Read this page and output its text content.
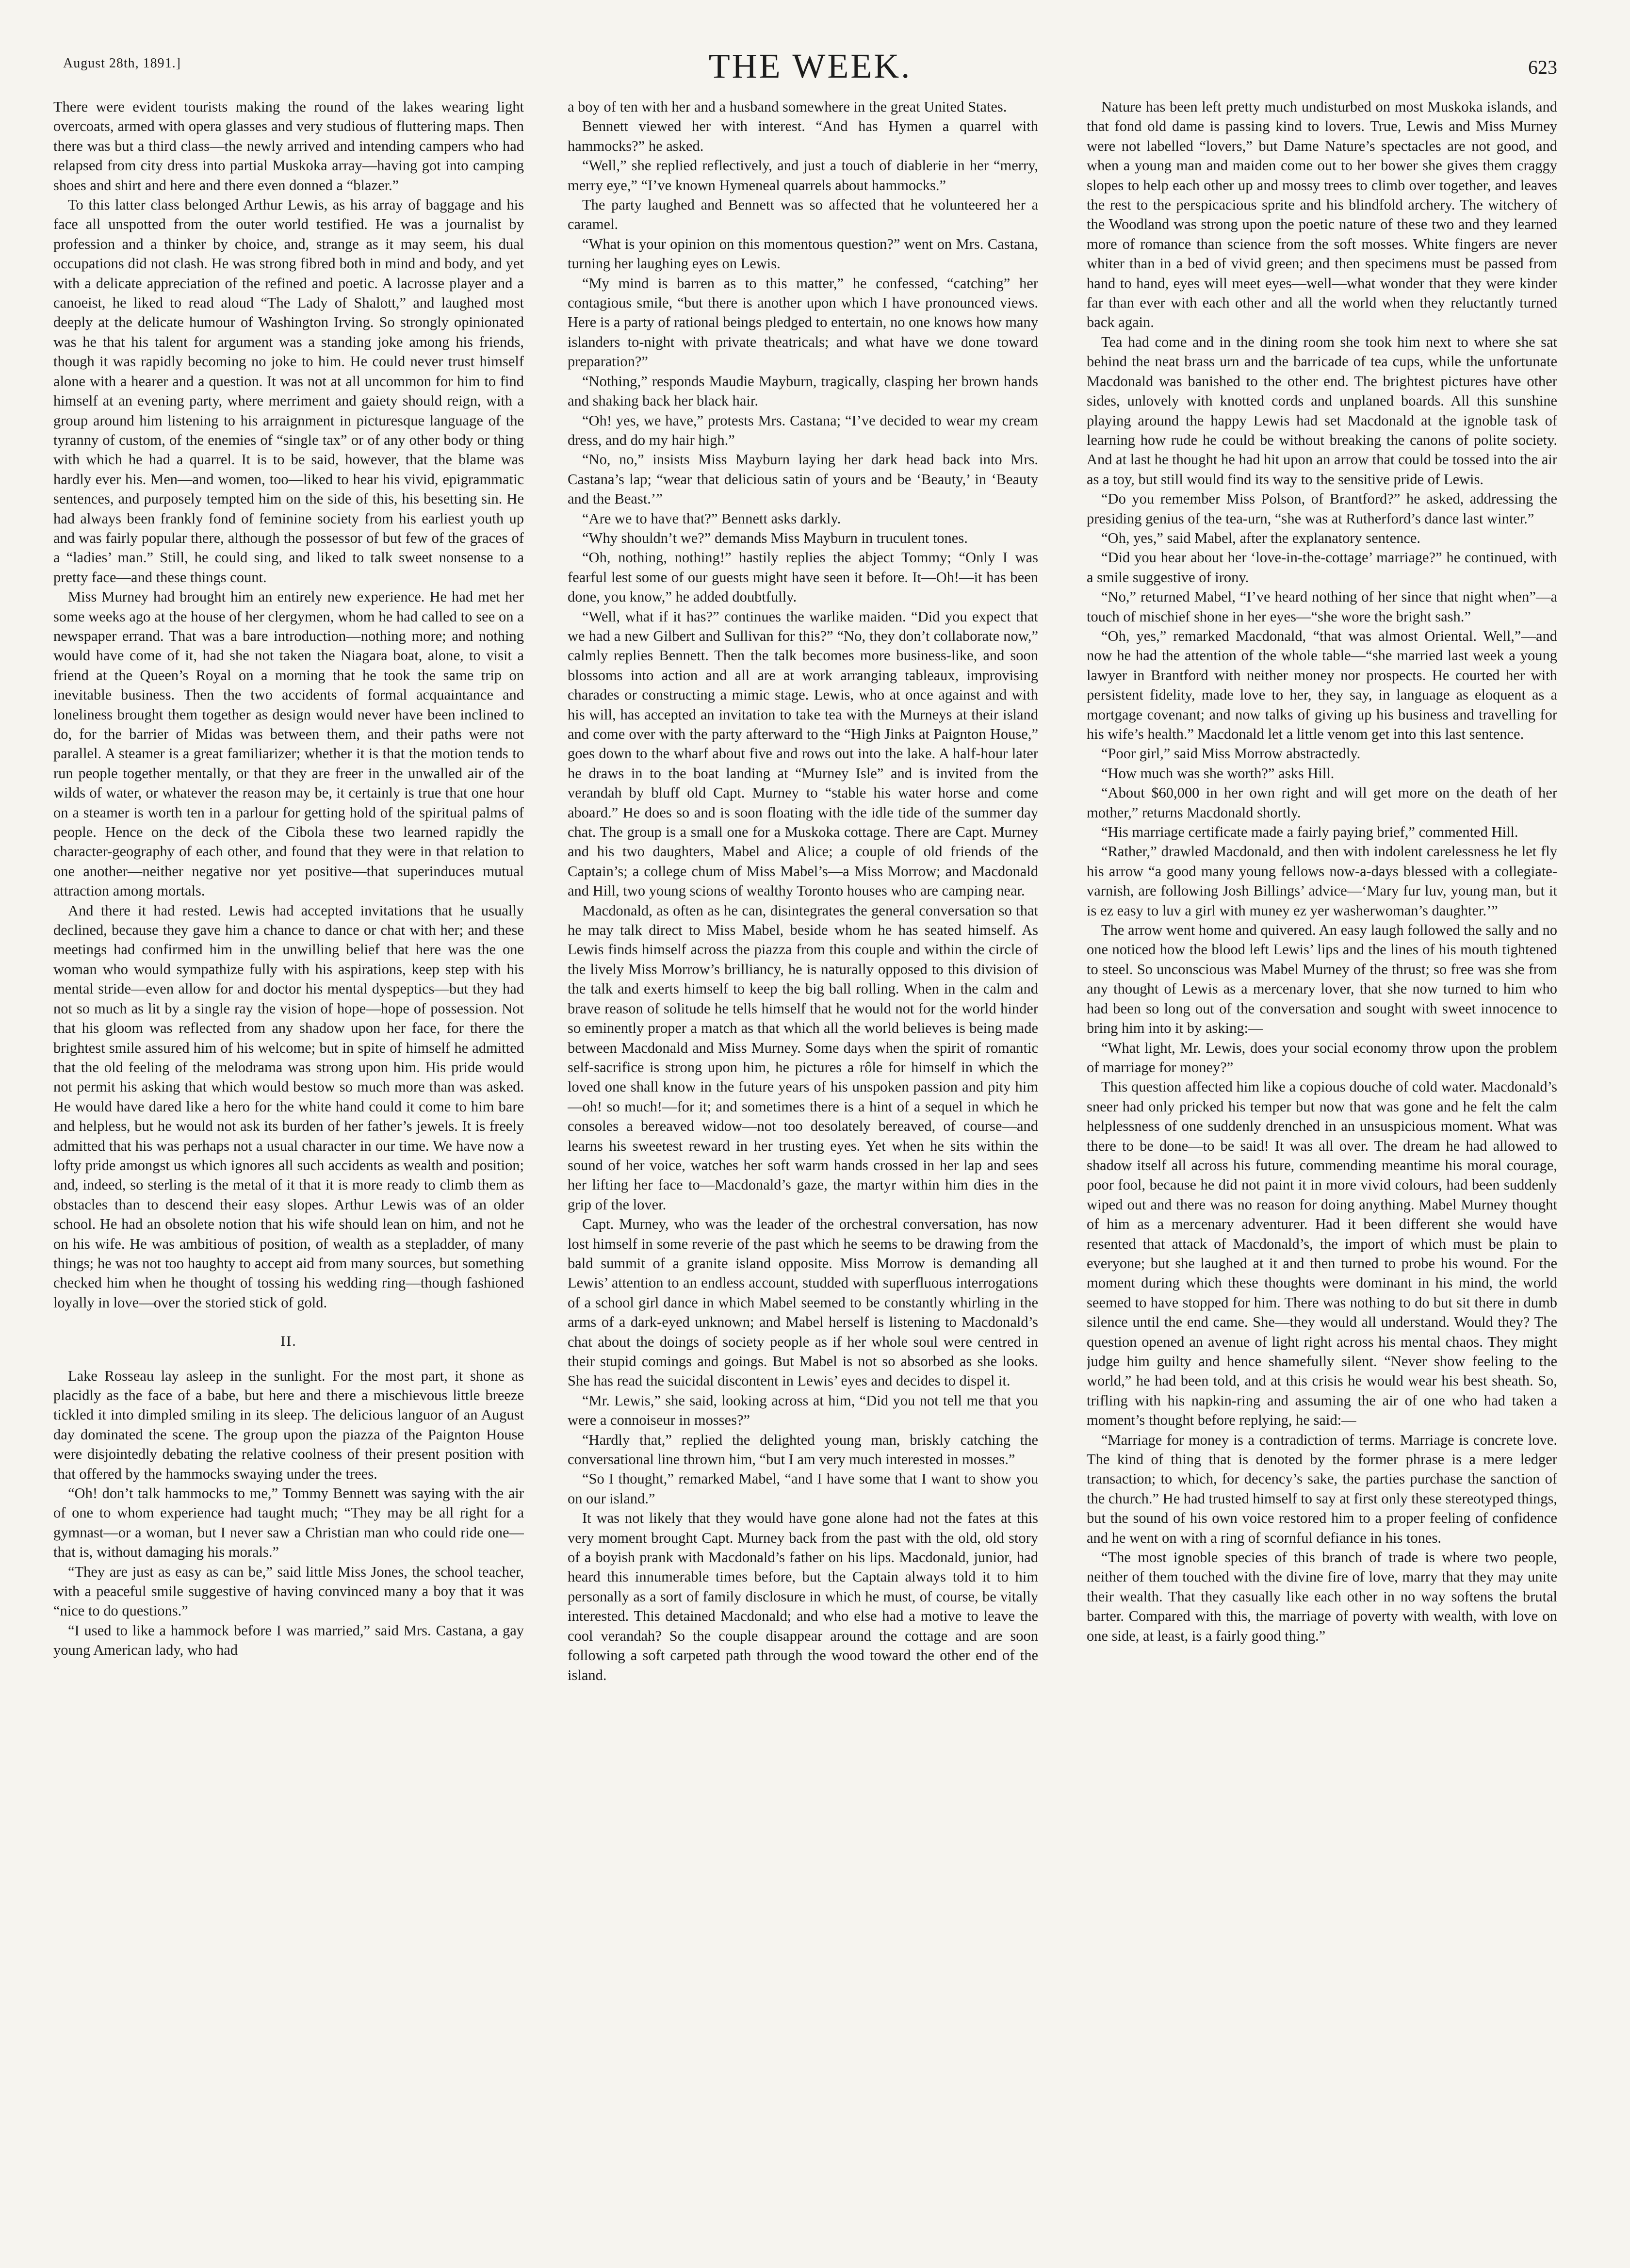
August 28th, 1891.]	THE WEEK.	623

There were evident tourists making the round of the lakes wearing light overcoats, armed with opera glasses and very studious of fluttering maps. Then there was but a third class—the newly arrived and intending campers who had relapsed from city dress into partial Muskoka array—having got into camping shoes and shirt and here and there even donned a “blazer.”

To this latter class belonged Arthur Lewis, as his array of baggage and his face all unspotted from the outer world testified. He was a journalist by profession and a thinker by choice, and, strange as it may seem, his dual occupations did not clash. He was strong fibred both in mind and body, and yet with a delicate appreciation of the refined and poetic. A lacrosse player and a canoeist, he liked to read aloud “The Lady of Shalott,” and laughed most deeply at the delicate humour of Washington Irving. So strongly opinionated was he that his talent for argument was a standing joke among his friends, though it was rapidly becoming no joke to him. He could never trust himself alone with a hearer and a question. It was not at all uncommon for him to find himself at an evening party, where merriment and gaiety should reign, with a group around him listening to his arraignment in picturesque language of the tyranny of custom, of the enemies of “single tax” or of any other body or thing with which he had a quarrel. It is to be said, however, that the blame was hardly ever his. Men—and women, too—liked to hear his vivid, epigrammatic sentences, and purposely tempted him on the side of this, his besetting sin. He had always been frankly fond of feminine society from his earliest youth up and was fairly popular there, although the possessor of but few of the graces of a “ladies’ man.” Still, he could sing, and liked to talk sweet nonsense to a pretty face—and these things count.

Miss Murney had brought him an entirely new experience. He had met her some weeks ago at the house of her clergymen, whom he had called to see on a newspaper errand. That was a bare introduction—nothing more; and nothing would have come of it, had she not taken the Niagara boat, alone, to visit a friend at the Queen’s Royal on a morning that he took the same trip on inevitable business. Then the two accidents of formal acquaintance and loneliness brought them together as design would never have been inclined to do, for the barrier of Midas was between them, and their paths were not parallel. A steamer is a great familiarizer; whether it is that the motion tends to run people together mentally, or that they are freer in the unwalled air of the wilds of water, or whatever the reason may be, it certainly is true that one hour on a steamer is worth ten in a parlour for getting hold of the spiritual palms of people. Hence on the deck of the Cibola these two learned rapidly the character-geography of each other, and found that they were in that relation to one another—neither negative nor yet positive—that superinduces mutual attraction among mortals.

And there it had rested. Lewis had accepted invitations that he usually declined, because they gave him a chance to dance or chat with her; and these meetings had confirmed him in the unwilling belief that here was the one woman who would sympathize fully with his aspirations, keep step with his mental stride—even allow for and doctor his mental dyspeptics—but they had not so much as lit by a single ray the vision of hope—hope of possession. Not that his gloom was reflected from any shadow upon her face, for there the brightest smile assured him of his welcome; but in spite of himself he admitted that the old feeling of the melodrama was strong upon him. His pride would not permit his asking that which would bestow so much more than was asked. He would have dared like a hero for the white hand could it come to him bare and helpless, but he would not ask its burden of her father’s jewels. It is freely admitted that his was perhaps not a usual character in our time. We have now a lofty pride amongst us which ignores all such accidents as wealth and position; and, indeed, so sterling is the metal of it that it is more ready to climb them as obstacles than to descend their easy slopes. Arthur Lewis was of an older school. He had an obsolete notion that his wife should lean on him, and not he on his wife. He was ambitious of position, of wealth as a stepladder, of many things; he was not too haughty to accept aid from many sources, but something checked him when he thought of tossing his wedding ring—though fashioned loyally in love—over the storied stick of gold.

II.

Lake Rosseau lay asleep in the sunlight. For the most part, it shone as placidly as the face of a babe, but here and there a mischievous little breeze tickled it into dimpled smiling in its sleep. The delicious languor of an August day dominated the scene. The group upon the piazza of the Paignton House were disjointedly debating the relative coolness of their present position with that offered by the hammocks swaying under the trees.

“Oh! don’t talk hammocks to me,” Tommy Bennett was saying with the air of one to whom experience had taught much; “They may be all right for a gymnast—or a woman, but I never saw a Christian man who could ride one—that is, without damaging his morals.”

“They are just as easy as can be,” said little Miss Jones, the school teacher, with a peaceful smile suggestive of having convinced many a boy that it was “nice to do questions.”

“I used to like a hammock before I was married,” said Mrs. Castana, a gay young American lady, who had

a boy of ten with her and a husband somewhere in the great United States.

Bennett viewed her with interest. “And has Hymen a quarrel with hammocks?” he asked.

“Well,” she replied reflectively, and just a touch of diablerie in her “merry, merry eye,” “I’ve known Hymeneal quarrels about hammocks.”

The party laughed and Bennett was so affected that he volunteered her a caramel.

“What is your opinion on this momentous question?” went on Mrs. Castana, turning her laughing eyes on Lewis.

“My mind is barren as to this matter,” he confessed, “catching” her contagious smile, “but there is another upon which I have pronounced views. Here is a party of rational beings pledged to entertain, no one knows how many islanders to-night with private theatricals; and what have we done toward preparation?”

“Nothing,” responds Maudie Mayburn, tragically, clasping her brown hands and shaking back her black hair.

“Oh! yes, we have,” protests Mrs. Castana; “I’ve decided to wear my cream dress, and do my hair high.”

“No, no,” insists Miss Mayburn laying her dark head back into Mrs. Castana’s lap; “wear that delicious satin of yours and be ‘Beauty,’ in ‘Beauty and the Beast.’”

“Are we to have that?” Bennett asks darkly.

“Why shouldn’t we?” demands Miss Mayburn in truculent tones.

“Oh, nothing, nothing!” hastily replies the abject Tommy; “Only I was fearful lest some of our guests might have seen it before. It—Oh!—it has been done, you know,” he added doubtfully.

“Well, what if it has?” continues the warlike maiden. “Did you expect that we had a new Gilbert and Sullivan for this?” “No, they don’t collaborate now,” calmly replies Bennett. Then the talk becomes more business-like, and soon blossoms into action and all are at work arranging tableaux, improvising charades or constructing a mimic stage. Lewis, who at once against and with his will, has accepted an invitation to take tea with the Murneys at their island and come over with the party afterward to the “High Jinks at Paignton House,” goes down to the wharf about five and rows out into the lake. A half-hour later he draws in to the boat landing at “Murney Isle” and is invited from the verandah by bluff old Capt. Murney to “stable his water horse and come aboard.” He does so and is soon floating with the idle tide of the summer day chat. The group is a small one for a Muskoka cottage. There are Capt. Murney and his two daughters, Mabel and Alice; a couple of old friends of the Captain’s; a college chum of Miss Mabel’s—a Miss Morrow; and Macdonald and Hill, two young scions of wealthy Toronto houses who are camping near.

Macdonald, as often as he can, disintegrates the general conversation so that he may talk direct to Miss Mabel, beside whom he has seated himself. As Lewis finds himself across the piazza from this couple and within the circle of the lively Miss Morrow’s brilliancy, he is naturally opposed to this division of the talk and exerts himself to keep the big ball rolling. When in the calm and brave reason of solitude he tells himself that he would not for the world hinder so eminently proper a match as that which all the world believes is being made between Macdonald and Miss Murney. Some days when the spirit of romantic self-sacrifice is strong upon him, he pictures a rôle for himself in which the loved one shall know in the future years of his unspoken passion and pity him—oh! so much!—for it; and sometimes there is a hint of a sequel in which he consoles a bereaved widow—not too desolately bereaved, of course—and learns his sweetest reward in her trusting eyes. Yet when he sits within the sound of her voice, watches her soft warm hands crossed in her lap and sees her lifting her face to—Macdonald’s gaze, the martyr within him dies in the grip of the lover.

Capt. Murney, who was the leader of the orchestral conversation, has now lost himself in some reverie of the past which he seems to be drawing from the bald summit of a granite island opposite. Miss Morrow is demanding all Lewis’ attention to an endless account, studded with superfluous interrogations of a school girl dance in which Mabel seemed to be constantly whirling in the arms of a dark-eyed unknown; and Mabel herself is listening to Macdonald’s chat about the doings of society people as if her whole soul were centred in their stupid comings and goings. But Mabel is not so absorbed as she looks. She has read the suicidal discontent in Lewis’ eyes and decides to dispel it.

“Mr. Lewis,” she said, looking across at him, “Did you not tell me that you were a connoiseur in mosses?”

“Hardly that,” replied the delighted young man, briskly catching the conversational line thrown him, “but I am very much interested in mosses.”

“So I thought,” remarked Mabel, “and I have some that I want to show you on our island.”

It was not likely that they would have gone alone had not the fates at this very moment brought Capt. Murney back from the past with the old, old story of a boyish prank with Macdonald’s father on his lips. Macdonald, junior, had heard this innumerable times before, but the Captain always told it to him personally as a sort of family disclosure in which he must, of course, be vitally interested. This detained Macdonald; and who else had a motive to leave the cool verandah? So the couple disappear around the cottage and are soon following a soft carpeted path through the wood toward the other end of the island.

Nature has been left pretty much undisturbed on most Muskoka islands, and that fond old dame is passing kind to lovers. True, Lewis and Miss Murney were not labelled “lovers,” but Dame Nature’s spectacles are not good, and when a young man and maiden come out to her bower she gives them craggy slopes to help each other up and mossy trees to climb over together, and leaves the rest to the perspicacious sprite and his blindfold archery. The witchery of the Woodland was strong upon the poetic nature of these two and they learned more of romance than science from the soft mosses. White fingers are never whiter than in a bed of vivid green; and then specimens must be passed from hand to hand, eyes will meet eyes—well—what wonder that they were kinder far than ever with each other and all the world when they reluctantly turned back again.

Tea had come and in the dining room she took him next to where she sat behind the neat brass urn and the barricade of tea cups, while the unfortunate Macdonald was banished to the other end. The brightest pictures have other sides, unlovely with knotted cords and unplaned boards. All this sunshine playing around the happy Lewis had set Macdonald at the ignoble task of learning how rude he could be without breaking the canons of polite society. And at last he thought he had hit upon an arrow that could be tossed into the air as a toy, but still would find its way to the sensitive pride of Lewis.

“Do you remember Miss Polson, of Brantford?” he asked, addressing the presiding genius of the tea-urn, “she was at Rutherford’s dance last winter.”

“Oh, yes,” said Mabel, after the explanatory sentence.

“Did you hear about her ‘love-in-the-cottage’ marriage?” he continued, with a smile suggestive of irony.

“No,” returned Mabel, “I’ve heard nothing of her since that night when”—a touch of mischief shone in her eyes—“she wore the bright sash.”

“Oh, yes,” remarked Macdonald, “that was almost Oriental. Well,”—and now he had the attention of the whole table—“she married last week a young lawyer in Brantford with neither money nor prospects. He courted her with persistent fidelity, made love to her, they say, in language as eloquent as a mortgage covenant; and now talks of giving up his business and travelling for his wife’s health.” Macdonald let a little venom get into this last sentence.

“Poor girl,” said Miss Morrow abstractedly.

“How much was she worth?” asks Hill.

“About $60,000 in her own right and will get more on the death of her mother,” returns Macdonald shortly.

“His marriage certificate made a fairly paying brief,” commented Hill.

“Rather,” drawled Macdonald, and then with indolent carelessness he let fly his arrow “a good many young fellows now-a-days blessed with a collegiate-varnish, are following Josh Billings’ advice—‘Mary fur luv, young man, but it is ez easy to luv a girl with muney ez yer washerwoman’s daughter.’”

The arrow went home and quivered. An easy laugh followed the sally and no one noticed how the blood left Lewis’ lips and the lines of his mouth tightened to steel. So unconscious was Mabel Murney of the thrust; so free was she from any thought of Lewis as a mercenary lover, that she now turned to him who had been so long out of the conversation and sought with sweet innocence to bring him into it by asking:—

“What light, Mr. Lewis, does your social economy throw upon the problem of marriage for money?”

This question affected him like a copious douche of cold water. Macdonald’s sneer had only pricked his temper but now that was gone and he felt the calm helplessness of one suddenly drenched in an unsuspicious moment. What was there to be done—to be said! It was all over. The dream he had allowed to shadow itself all across his future, commending meantime his moral courage, poor fool, because he did not paint it in more vivid colours, had been suddenly wiped out and there was no reason for doing anything. Mabel Murney thought of him as a mercenary adventurer. Had it been different she would have resented that attack of Macdonald’s, the import of which must be plain to everyone; but she laughed at it and then turned to probe his wound. For the moment during which these thoughts were dominant in his mind, the world seemed to have stopped for him. There was nothing to do but sit there in dumb silence until the end came. She—they would all understand. Would they? The question opened an avenue of light right across his mental chaos. They might judge him guilty and hence shamefully silent. “Never show feeling to the world,” he had been told, and at this crisis he would wear his best sheath. So, trifling with his napkin-ring and assuming the air of one who had taken a moment’s thought before replying, he said:—

“Marriage for money is a contradiction of terms. Marriage is concrete love. The kind of thing that is denoted by the former phrase is a mere ledger transaction; to which, for decency’s sake, the parties purchase the sanction of the church.” He had trusted himself to say at first only these stereotyped things, but the sound of his own voice restored him to a proper feeling of confidence and he went on with a ring of scornful defiance in his tones.

“The most ignoble species of this branch of trade is where two people, neither of them touched with the divine fire of love, marry that they may unite their wealth. That they casually like each other in no way softens the brutal barter. Compared with this, the marriage of poverty with wealth, with love on one side, at least, is a fairly good thing.”
